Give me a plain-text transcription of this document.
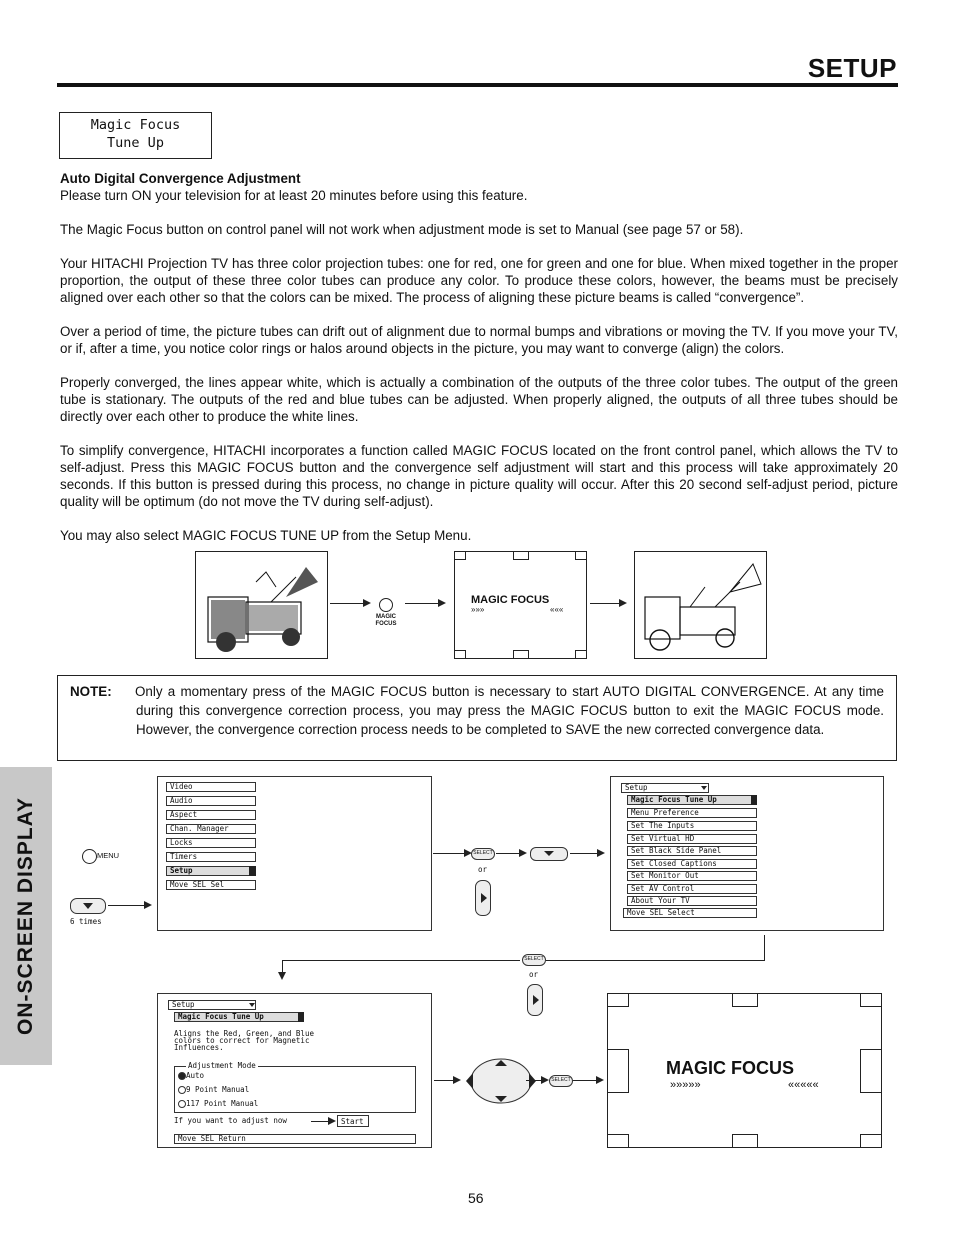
SETUP
ON-SCREEN DISPLAY
Magic Focus
Tune Up

Auto Digital Convergence Adjustment

Please turn ON your television for at least 20 minutes before using this feature.

The Magic Focus button on control panel will not work when adjustment mode is set to Manual (see page 57 or 58).

Your HITACHI Projection TV has three color projection tubes: one for red, one for green and one for blue. When mixed together in the proper proportion, the output of these three color tubes can produce any color. To produce these colors, however, the beams must be precisely aligned over each other so that the colors can be mixed. The process of aligning these picture beams is called “convergence”.

Over a period of time, the picture tubes can drift out of alignment due to normal bumps and vibrations or moving the TV. If you move your TV, or if, after a time, you notice color rings or halos around objects in the picture, you may want to converge (align) the colors.

Properly converged, the lines appear white, which is actually a combination of the outputs of the three color tubes. The output of the green tube is stationary. The outputs of the red and blue tubes can be adjusted. When properly aligned, the outputs of all three tubes should be directly over each other to produce the white lines.

To simplify convergence, HITACHI incorporates a function called MAGIC FOCUS located on the front control panel, which allows the TV to self-adjust. Press this MAGIC FOCUS button and the convergence self adjustment will start and this process will take approximately 20 seconds. If this button is pressed during this process, no change in picture quality will occur. After this 20 second self-adjust period, picture quality will be optimum (do not move the TV during self-adjust).

You may also select MAGIC FOCUS TUNE UP from the Setup Menu.

MAGIC
FOCUS
MAGIC FOCUS
»»»	«««
NOTE: Only a momentary press of the MAGIC FOCUS button is necessary to start AUTO DIGITAL CONVERGENCE. At any time during this convergence correction process, you may press the MAGIC FOCUS button to exit the MAGIC FOCUS mode. However, the convergence correction process needs to be completed to SAVE the new corrected convergence data.
MENU
6 times
Video
Audio
Aspect
Chan. Manager
Locks
Timers
Setup
Move SEL Sel
SELECT
or
Setup
Magic Focus Tune Up
Menu Preference
Set The Inputs
Set Virtual HD
Set Black Side Panel
Set Closed Captions
Set Monitor Out
Set AV Control
About Your TV
Move SEL Select
SELECT
or
Setup
Magic Focus Tune Up
Aligns the Red, Green, and Blue
colors to correct for Magnetic
Influences.
Adjustment Mode
Auto
9 Point Manual
117 Point Manual
If you want to adjust now	Start
Move SEL Return
SELECT
MAGIC FOCUS
»»»»»	«««««
56
